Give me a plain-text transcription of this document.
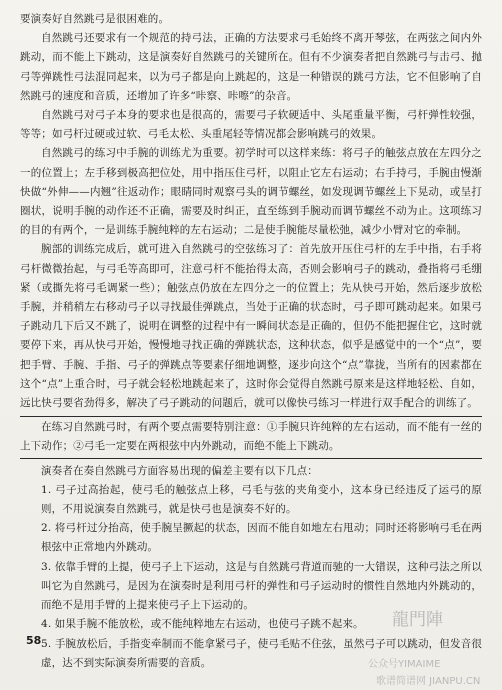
要演奏好自然跳弓是很困难的。

自然跳弓还要求有一个规范的持弓法，正确的方法要求弓毛始终不离开琴弦，在两弦之间内外跳动，而不能上下跳动，这是演奏好自然跳弓的关键所在。但有不少演奏者把自然跳弓与击弓、抛弓等弹跳性弓法混同起来，以为弓子都是向上跳起的，这是一种错误的跳弓方法，它不但影响了自然跳弓的速度和音质，还增加了许多“咔察、咔嚓”的杂音。

自然跳弓对弓子本身的要求也是很高的，需要弓子软硬适中、头尾重量平衡，弓杆弹性较强，等等；如弓杆过硬或过软、弓毛太松、头重尾轻等情况都会影响跳弓的效果。

自然跳弓的练习中手腕的训练尤为重要。初学时可以这样来练：将弓子的触弦点放在左四分之一的位置上；左手移到极高把位处，用中指压住弓杆，以阻止它左右运动；右手持弓，手腕由慢渐快做“外伸——内翘”往返动作；眼睛同时观察弓头的调节螺丝，如发现调节螺丝上下晃动，或呈打圈状，说明手腕的动作还不正确，需要及时纠正，直至练到手腕动而调节螺丝不动为止。这项练习的目的有两个，一是训练手腕纯粹的左右运动；二是使手腕能尽量松弛，减少小臂对它的牵制。

腕部的训练完成后，就可进入自然跳弓的空弦练习了：首先放开压住弓杆的左手中指，右手将弓杆微微抬起，与弓毛等高即可，注意弓杆不能抬得太高，否则会影响弓子的跳动，叠指将弓毛绷紧（或撕先将弓毛调紧一些）；触弦点仍放在左四分之一的位置上；先从快弓开始，然后逐步放松手腕，并稍稍左右移动弓子以寻找最佳弹跳点，当处于正确的状态时，弓子即可跳动起来。如果弓子跳动几下后又不跳了，说明在调整的过程中有一瞬间状态是正确的，但仍不能把握住它，这时就要停下来，再从快弓开始，慢慢地寻找正确的弹跳状态，这种状态，似乎是感觉中的一个“点”，要把手臂、手腕、手指、弓子的弹跳点等要素仔细地调整，逐步向这个“点”靠拢，当所有的因素都在这个“点”上重合时，弓子就会轻松地跳起来了，这时你会觉得自然跳弓原来是这样地轻松、自如，远比快弓要省劲得多，解决了弓子跳动的问题后，就可以像快弓练习一样进行双手配合的训练了。

在练习自然跳弓时，有两个要点需要特别注意：①手腕只许纯粹的左右运动，而不能有一丝的上下动作；②弓毛一定要在两根弦中内外跳动，而绝不能上下跳动。

演奏者在奏自然跳弓方面容易出现的偏差主要有以下几点：

1. 弓子过高抬起，使弓毛的触弦点上移，弓毛与弦的夹角变小，这本身已经违反了运弓的原则，不用说演奏自然跳弓，就是快弓也是演奏不好的。

2. 将弓杆过分抬高，使手腕呈撅起的状态，因而不能自如地左右甩动；同时还将影响弓毛在两根弦中正常地内外跳动。

3. 依靠手臂的上提，使弓子上下运动，这是与自然跳弓背道而驰的一大错误，这种弓法之所以叫它为自然跳弓，是因为在演奏时是利用弓杆的弹性和弓子运动时的惯性自然地内外跳动的，而绝不是用手臂的上提来使弓子上下运动的。

4. 如果手腕不能放松，或不能纯粹地左右运动，也使弓子跳不起来。

5. 手腕放松后，手指变牵制而不能拿紧弓子，使弓毛贴不住弦，虽然弓子可以跳动，但发音很虚，达不到实际演奏所需要的音质。

龍門陣
58
公众号YIMAIME
歌谱简谱网 JIANPU.CN
